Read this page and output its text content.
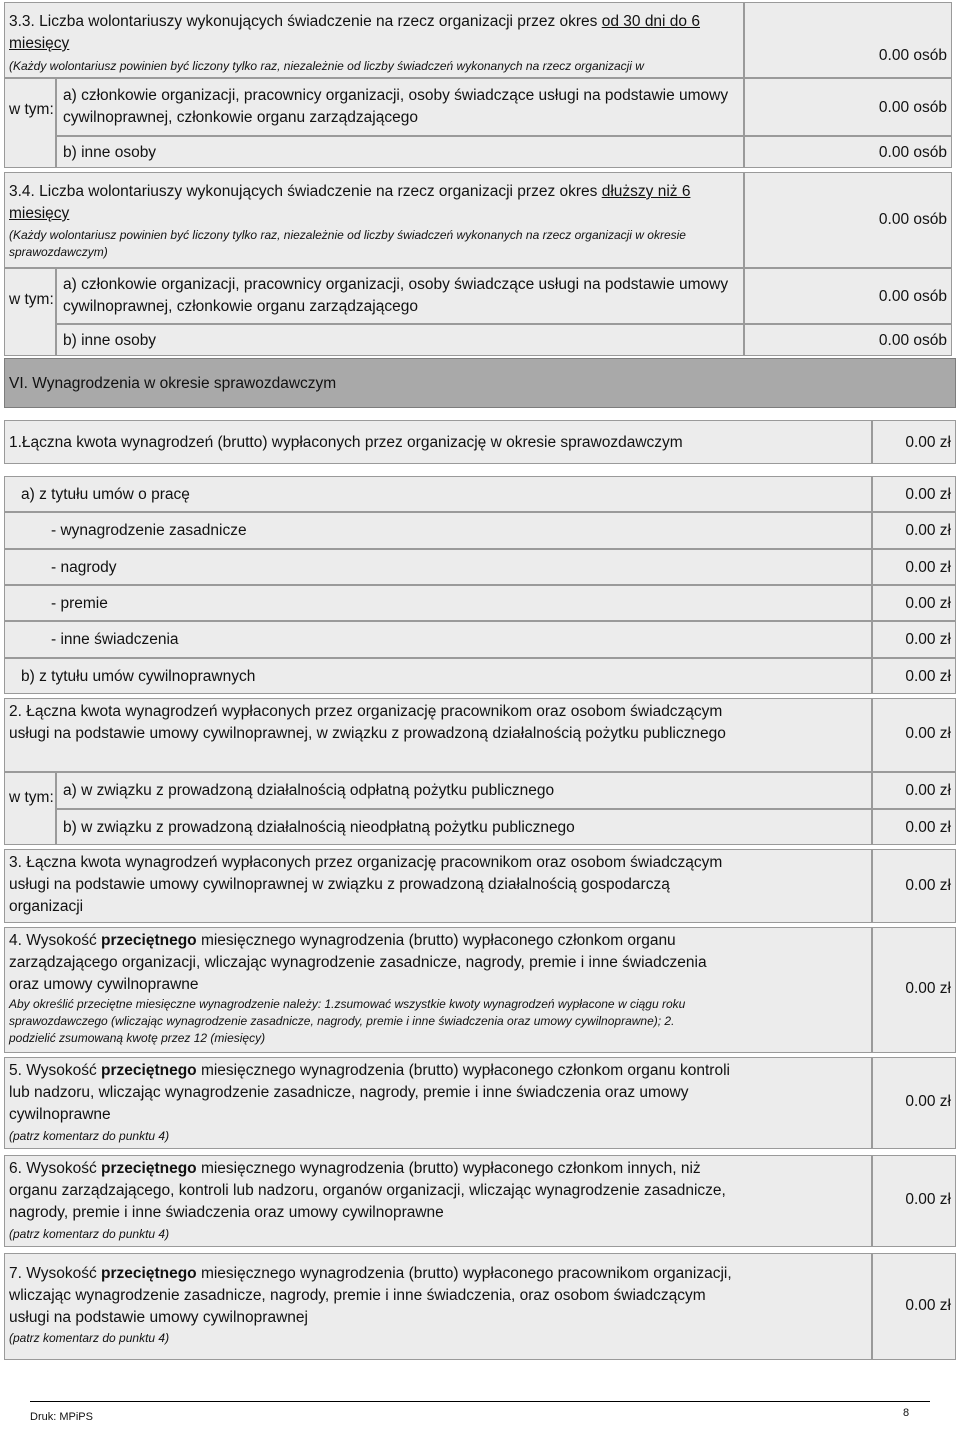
3.3. Liczba wolontariuszy wykonujących świadczenie na rzecz organizacji przez okres od 30 dni do 6
miesięcy
(Każdy wolontariusz powinien być liczony tylko raz, niezależnie od liczby świadczeń wykonanych na rzecz organizacji w
0.00 osób
w tym:
a) członkowie organizacji, pracownicy organizacji, osoby świadczące usługi na podstawie umowy cywilnoprawnej, członkowie organu zarządzającego
0.00 osób
b) inne osoby	0.00 osób
3.4. Liczba wolontariuszy wykonujących świadczenie na rzecz organizacji przez okres dłuższy niż 6
miesięcy
(Każdy wolontariusz powinien być liczony tylko raz, niezależnie od liczby świadczeń wykonanych na rzecz organizacji w okresie sprawozdawczym)
0.00 osób
w tym:
a) członkowie organizacji, pracownicy organizacji, osoby świadczące usługi na podstawie umowy cywilnoprawnej, członkowie organu zarządzającego
0.00 osób
b) inne osoby	0.00 osób
VI. Wynagrodzenia w okresie sprawozdawczym
1.Łączna kwota wynagrodzeń (brutto) wypłaconych przez organizację w okresie sprawozdawczym	0.00 zł
a) z tytułu umów o pracę	0.00 zł
- wynagrodzenie zasadnicze	0.00 zł
- nagrody	0.00 zł
- premie	0.00 zł
- inne świadczenia	0.00 zł
b) z tytułu umów cywilnoprawnych	0.00 zł
2. Łączna kwota wynagrodzeń wypłaconych przez organizację pracownikom oraz osobom świadczącym usługi na podstawie umowy cywilnoprawnej, w związku z prowadzoną działalnością pożytku publicznego	0.00 zł
w tym: a) w związku z prowadzoną działalnością odpłatną pożytku publicznego	0.00 zł
b) w związku z prowadzoną działalnością nieodpłatną pożytku publicznego	0.00 zł
3. Łączna kwota wynagrodzeń wypłaconych przez organizację pracownikom oraz osobom świadczącym usługi na podstawie umowy cywilnoprawnej w związku z prowadzoną działalnością gospodarczą organizacji
0.00 zł
4. Wysokość przeciętnego miesięcznego wynagrodzenia (brutto) wypłaconego członkom organu zarządzającego organizacji, wliczając wynagrodzenie zasadnicze, nagrody, premie i inne świadczenia oraz umowy cywilnoprawne
Aby określić przeciętne miesięczne wynagrodzenie należy: 1.zsumować wszystkie kwoty wynagrodzeń wypłacone w ciągu roku sprawozdawczego (wliczając wynagrodzenie zasadnicze, nagrody, premie i inne świadczenia oraz umowy cywilnoprawne); 2. podzielić zsumowaną kwotę przez 12 (miesięcy)
0.00 zł
5. Wysokość przeciętnego miesięcznego wynagrodzenia (brutto) wypłaconego członkom organu kontroli lub nadzoru, wliczając wynagrodzenie zasadnicze, nagrody, premie i inne świadczenia oraz umowy cywilnoprawne
(patrz komentarz do punktu 4)
0.00 zł
6. Wysokość przeciętnego miesięcznego wynagrodzenia (brutto) wypłaconego członkom innych, niż organu zarządzającego, kontroli lub nadzoru, organów organizacji, wliczając wynagrodzenie zasadnicze, nagrody, premie i inne świadczenia oraz umowy cywilnoprawne
(patrz komentarz do punktu 4)
0.00 zł
7. Wysokość przeciętnego miesięcznego wynagrodzenia (brutto) wypłaconego pracownikom organizacji, wliczając wynagrodzenie zasadnicze, nagrody, premie i inne świadczenia, oraz osobom świadczącym usługi na podstawie umowy cywilnoprawnej
(patrz komentarz do punktu 4)
0.00 zł
Druk: MPiPS	8
